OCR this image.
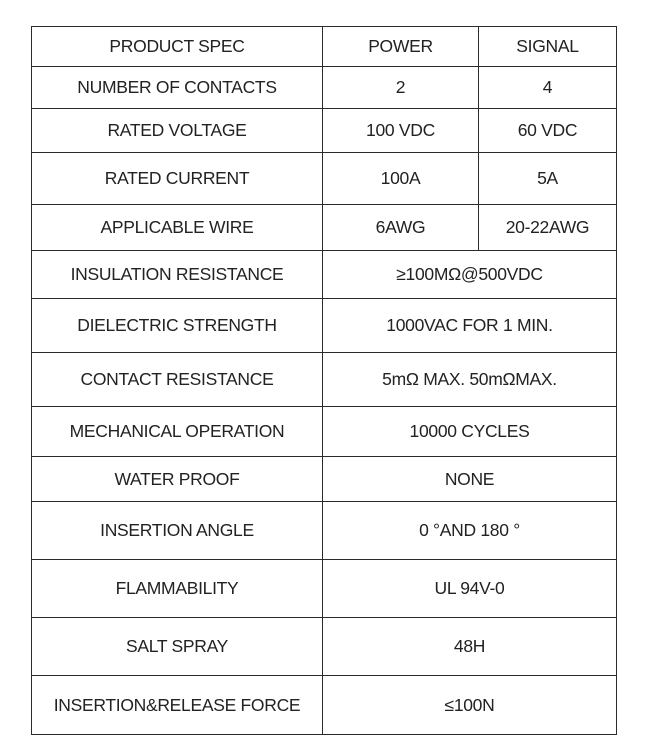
PRODUCT SPEC	POWER	SIGNAL
NUMBER OF CONTACTS	2	4
RATED VOLTAGE	100 VDC	60 VDC
RATED CURRENT	100A	5A
APPLICABLE WIRE	6AWG	20-22AWG
INSULATION RESISTANCE	≥100MΩ@500VDC	
DIELECTRIC STRENGTH	1000VAC FOR 1 MIN.	
CONTACT RESISTANCE	5mΩ MAX. 50mΩMAX.	
MECHANICAL OPERATION	10000 CYCLES	
WATER PROOF	NONE	
INSERTION ANGLE	0 °AND 180 °	
FLAMMABILITY	UL 94V-0	
SALT SPRAY	48H	
INSERTION&RELEASE FORCE	≤100N	
